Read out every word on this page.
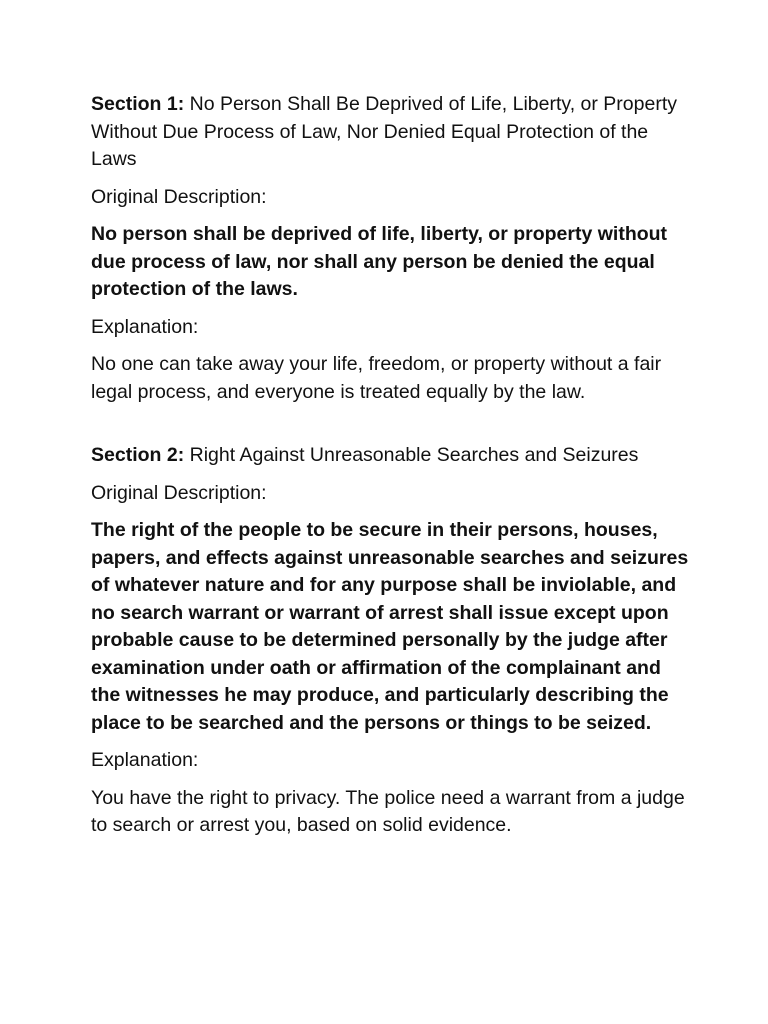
Section 1: No Person Shall Be Deprived of Life, Liberty, or Property Without Due Process of Law, Nor Denied Equal Protection of the Laws

Original Description:

No person shall be deprived of life, liberty, or property without due process of law, nor shall any person be denied the equal protection of the laws.

Explanation:

No one can take away your life, freedom, or property without a fair legal process, and everyone is treated equally by the law.

Section 2: Right Against Unreasonable Searches and Seizures

Original Description:

The right of the people to be secure in their persons, houses, papers, and effects against unreasonable searches and seizures of whatever nature and for any purpose shall be inviolable, and no search warrant or warrant of arrest shall issue except upon probable cause to be determined personally by the judge after examination under oath or affirmation of the complainant and the witnesses he may produce, and particularly describing the place to be searched and the persons or things to be seized.

Explanation:

You have the right to privacy. The police need a warrant from a judge to search or arrest you, based on solid evidence.
